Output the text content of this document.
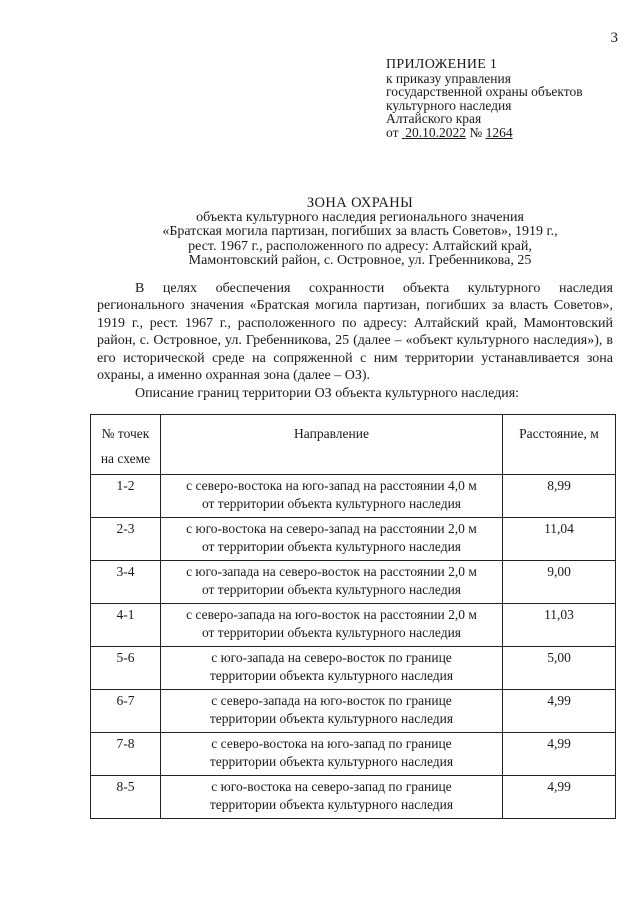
3
ПРИЛОЖЕНИЕ 1
к приказу управления
государственной охраны объектов
культурного наследия
Алтайского края
от 20.10.2022 № 1264
ЗОНА ОХРАНЫ
объекта культурного наследия регионального значения
«Братская могила партизан, погибших за власть Советов», 1919 г.,
рест. 1967 г., расположенного по адресу: Алтайский край,
Мамонтовский район, с. Островное, ул. Гребенникова, 25

В целях обеспечения сохранности объекта культурного наследия регионального значения «Братская могила партизан, погибших за власть Советов», 1919 г., рест. 1967 г., расположенного по адресу: Алтайский край, Мамонтовский район, с. Островное, ул. Гребенникова, 25 (далее – «объект культурного наследия»), в его исторической среде на сопряженной с ним территории устанавливается зона охраны, а именно охранная зона (далее – ОЗ).

Описание границ территории ОЗ объекта культурного наследия:
№ точек
на схеме	Направление	Расстояние, м

1-2	с северо-востока на юго-запад на расстоянии 4,0 м
от территории объекта культурного наследия	8,99
2-3	с юго-востока на северо-запад на расстоянии 2,0 м
от территории объекта культурного наследия	11,04
3-4	с юго-запада на северо-восток на расстоянии 2,0 м
от территории объекта культурного наследия	9,00
4-1	с северо-запада на юго-восток на расстоянии 2,0 м
от территории объекта культурного наследия	11,03
5-6	с юго-запада на северо-восток по границе
территории объекта культурного наследия	5,00
6-7	с северо-запада на юго-восток по границе
территории объекта культурного наследия	4,99
7-8	с северо-востока на юго-запад по границе
территории объекта культурного наследия	4,99
8-5	с юго-востока на северо-запад по границе
территории объекта культурного наследия	4,99
